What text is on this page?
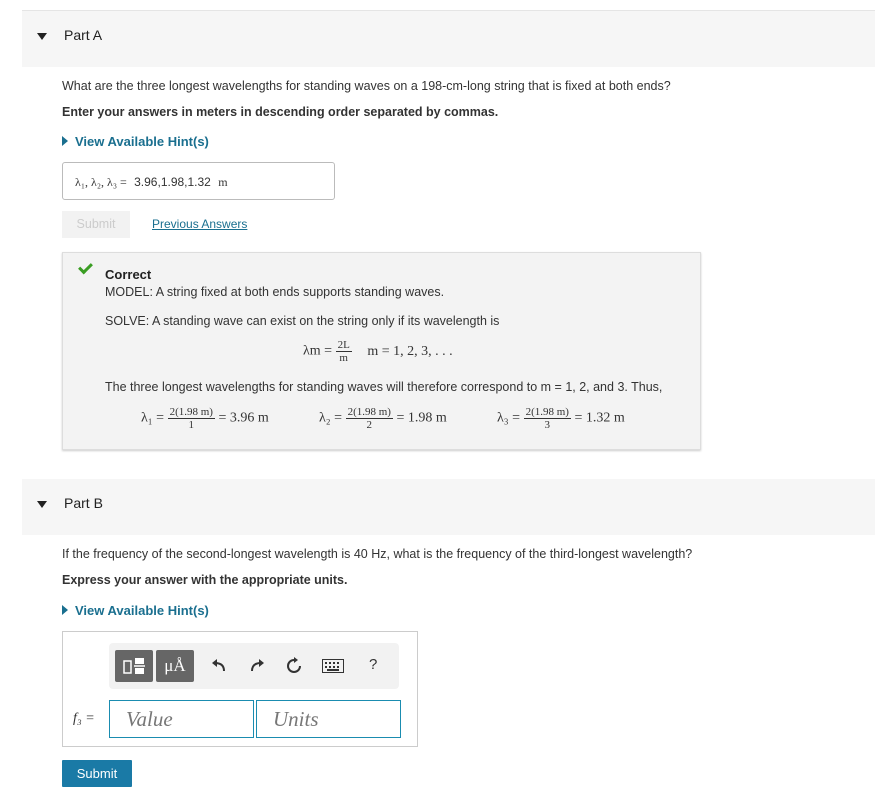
Part A
What are the three longest wavelengths for standing waves on a 198-cm-long string that is fixed at both ends?
Enter your answers in meters in descending order separated by commas.
View Available Hint(s)
λ₁, λ₂, λ₃ = 3.96,1.98,1.32 m
Submit	Previous Answers
Correct
MODEL: A string fixed at both ends supports standing waves.
SOLVE: A standing wave can exist on the string only if its wavelength is
$\lambda m = \frac{2L}{m}$ m = 1, 2, 3, . . .
The three longest wavelengths for standing waves will therefore correspond to m = 1, 2, and 3. Thus,
$\lambda_1 = \frac{2(1.98 m)}{1} = 3.96$ m	$\lambda_2 = \frac{2(1.98 m)}{2} = 1.98$ m	$\lambda_3 = \frac{2(1.98 m)}{3} = 1.32$ m
Part B
If the frequency of the second-longest wavelength is 40 Hz, what is the frequency of the third-longest wavelength?
Express your answer with the appropriate units.
View Available Hint(s)
μÅ	?
f₃ =	Value	Units
Submit
